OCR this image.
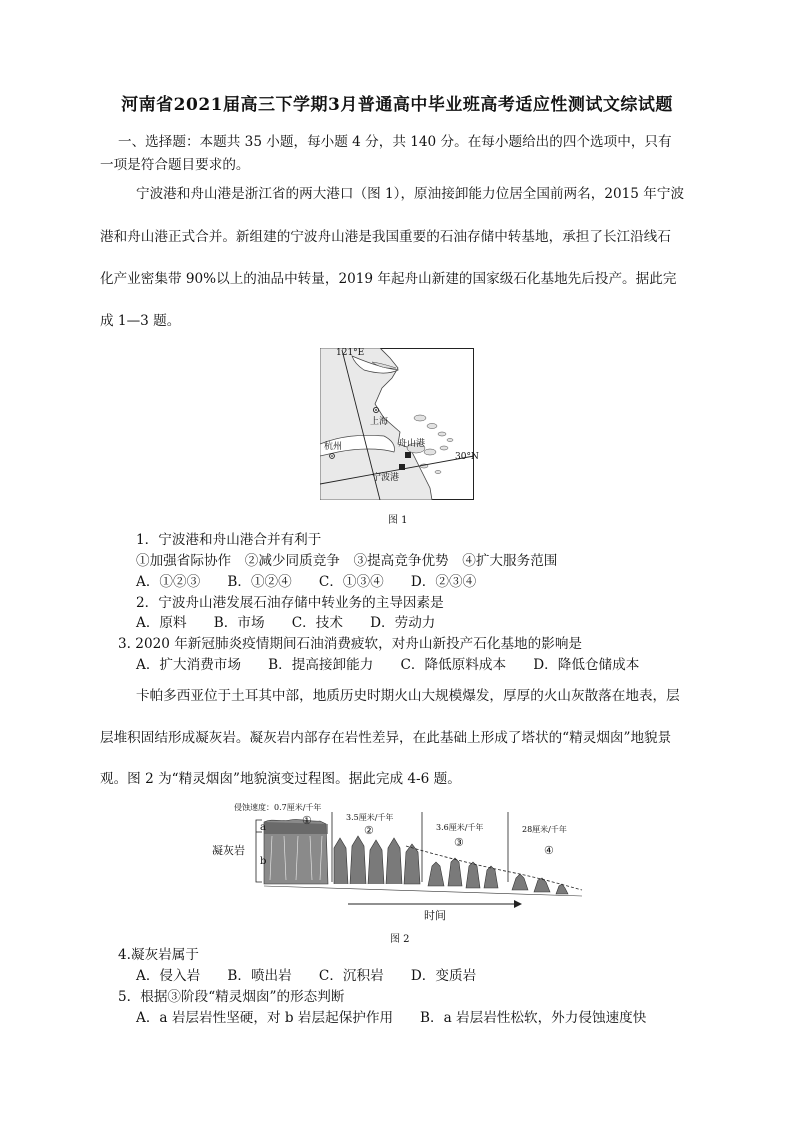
河南省2021届高三下学期3月普通高中毕业班高考适应性测试文综试题
一、选择题：本题共 35 小题，每小题 4 分，共 140 分。在每小题给出的四个选项中，只有
一项是符合题目要求的。
宁波港和舟山港是浙江省的两大港口（图 1），原油接卸能力位居全国前两名，2015 年宁波
港和舟山港正式合并。新组建的宁波舟山港是我国重要的石油存储中转基地，承担了长江沿线石
化产业密集带 90%以上的油品中转量，2019 年起舟山新建的国家级石化基地先后投产。据此完
成 1—3 题。
上海
杭州	舟山港
宁波港
121°E
30°N
图 1
1．宁波港和舟山港合并有利于
①加强省际协作　②减少同质竞争　③提高竞争优势　④扩大服务范围
A．①②③　　B．①②④　　C．①③④　　D．②③④
2．宁波舟山港发展石油存储中转业务的主导因素是
A．原料　　B．市场　　C．技术　　D．劳动力
3. 2020 年新冠肺炎疫情期间石油消费疲软，对舟山新投产石化基地的影响是
A．扩大消费市场　　B．提高接卸能力　　C．降低原料成本　　D．降低仓储成本
卡帕多西亚位于土耳其中部，地质历史时期火山大规模爆发，厚厚的火山灰散落在地表，层
层堆积固结形成凝灰岩。凝灰岩内部存在岩性差异，在此基础上形成了塔状的“精灵烟囱”地貌景
观。图 2 为“精灵烟囱”地貌演变过程图。据此完成 4-6 题。
侵蚀速度：0.7厘米/千年
3.5厘米/千年
3.6厘米/千年	28厘米/千年
①
②
③
④
凝灰岩
a
b
时间
图 2
4.凝灰岩属于
A．侵入岩　　B．喷出岩　　C．沉积岩　　D．变质岩
5．根据③阶段“精灵烟囱”的形态判断
A．a 岩层岩性坚硬，对 b 岩层起保护作用 B．a 岩层岩性松软，外力侵蚀速度快
